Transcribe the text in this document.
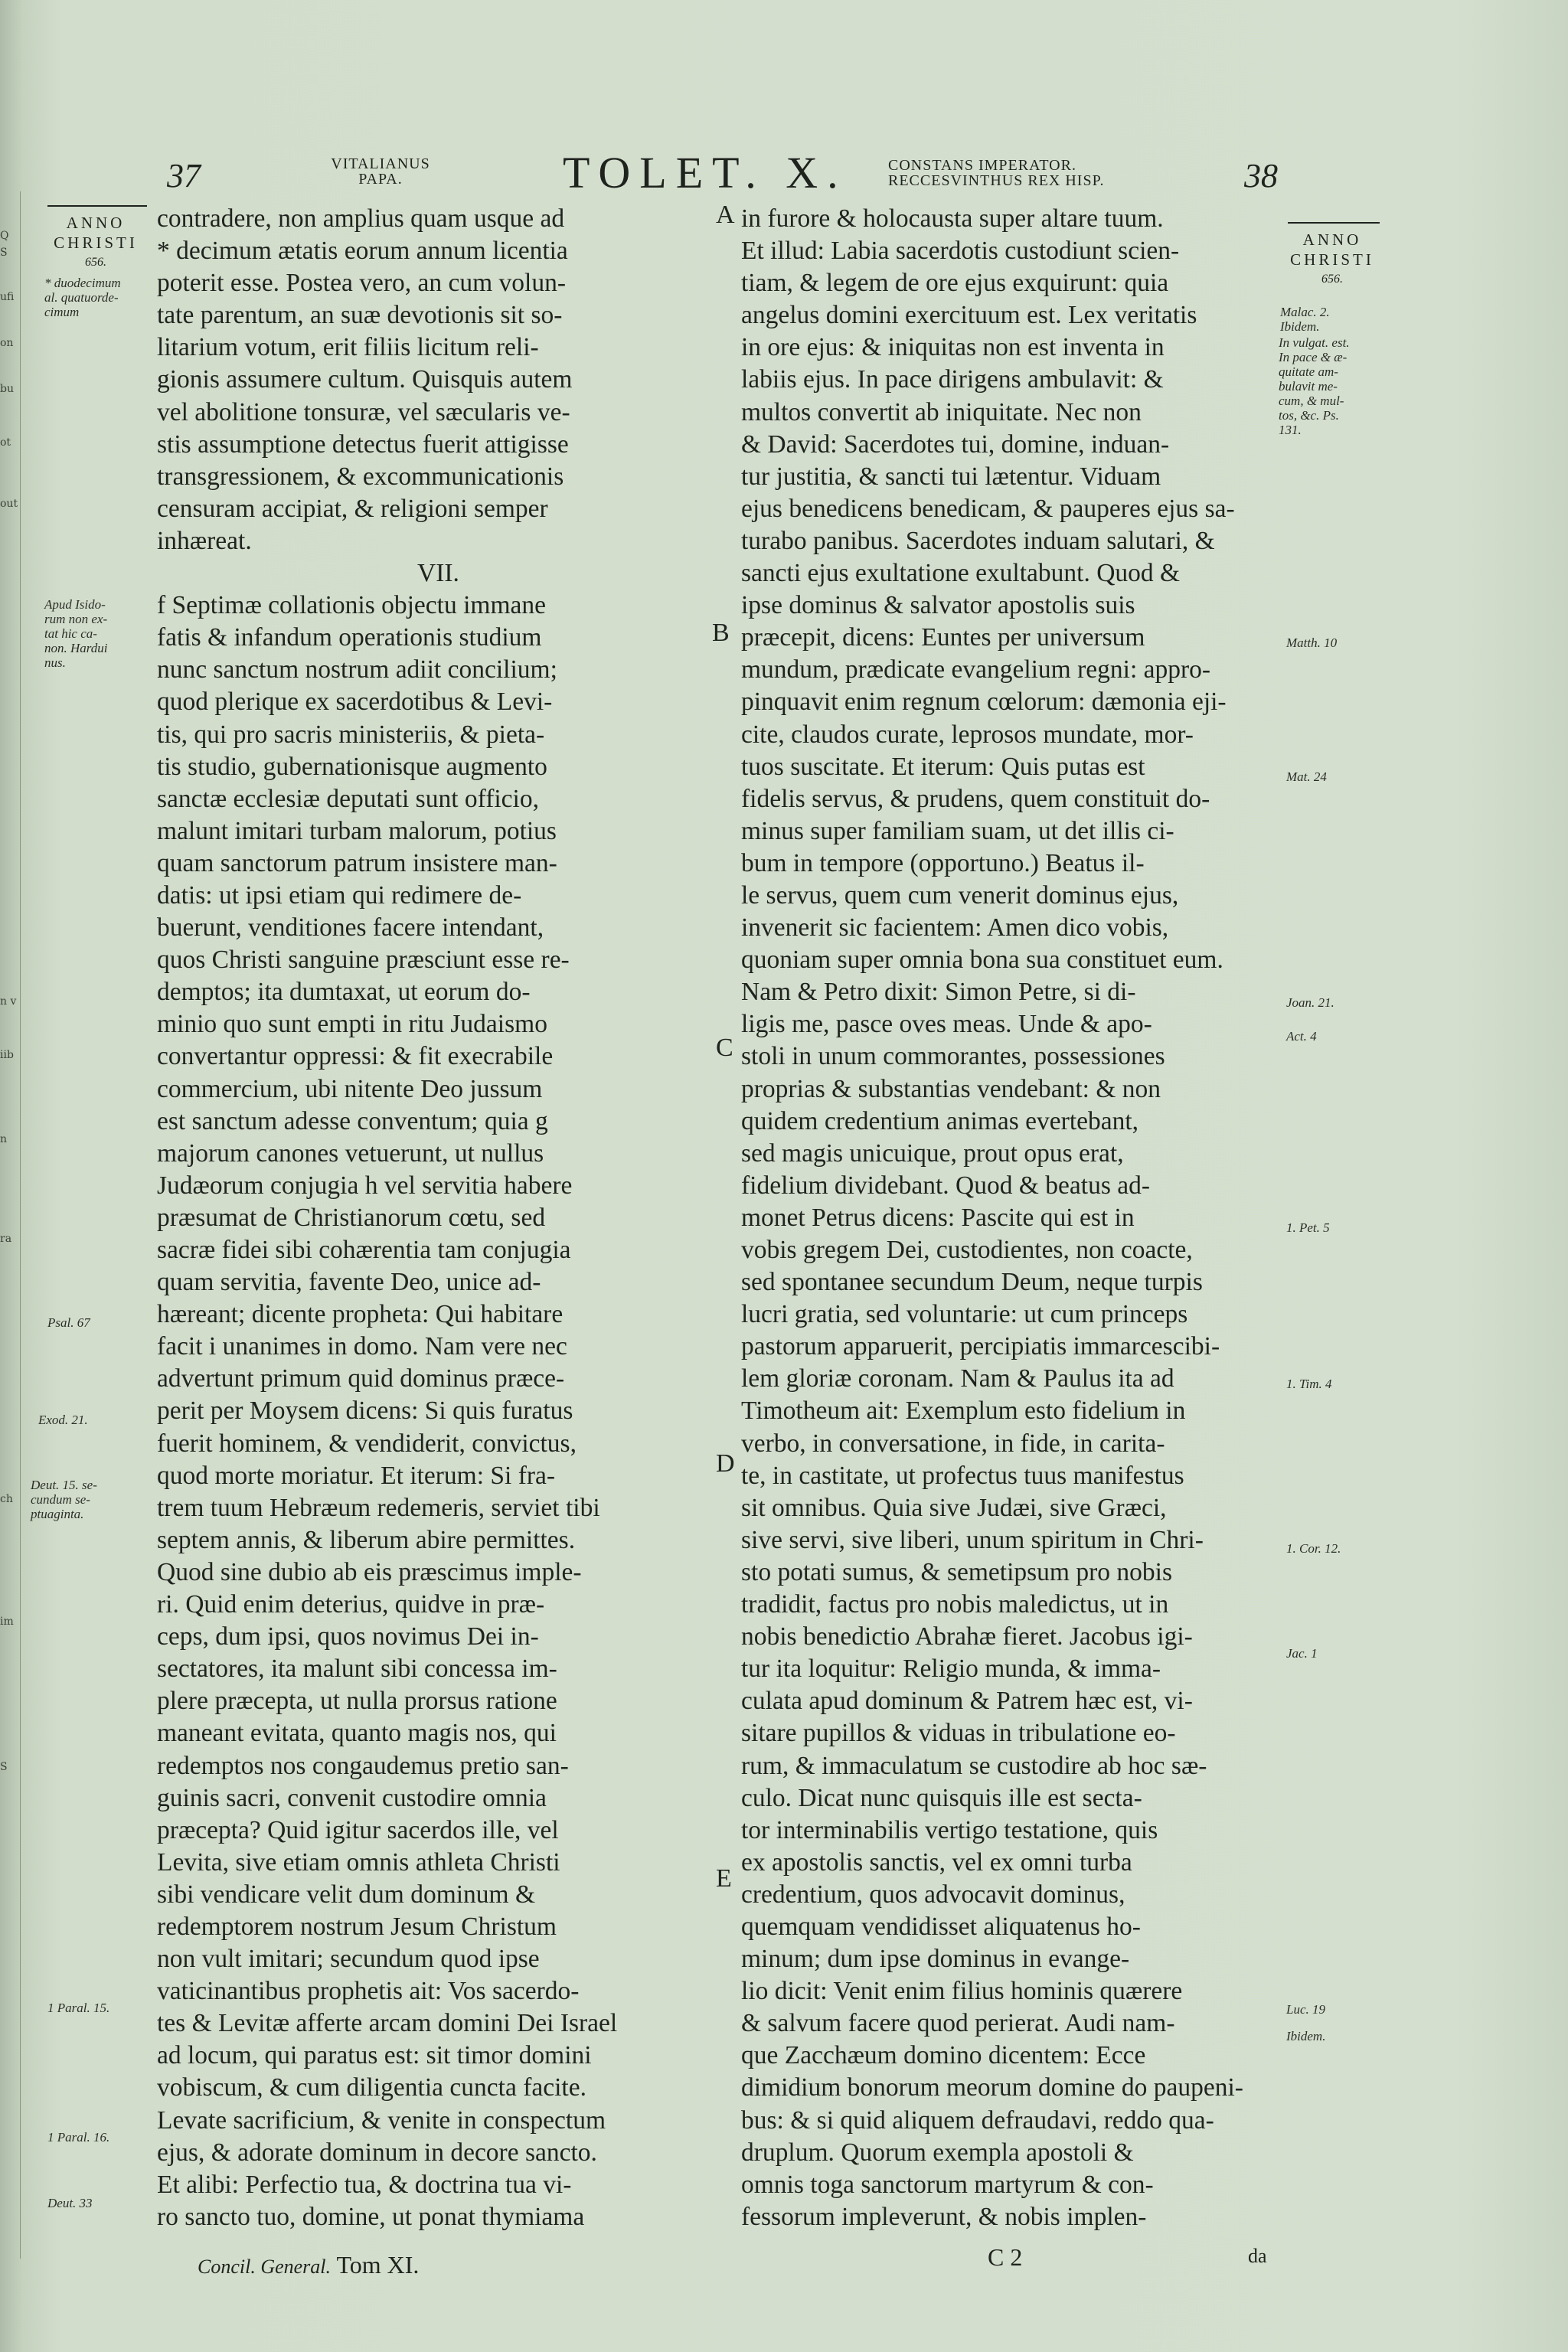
Q
S
ufi
on
bu
ot
out
n v
iib
n
ra
ch
im
S
37	VITALIANUS
PAPA.	TOLET. X.	CONSTANS IMPERATOR.
RECCESVINTHUS REX HISP.	38
ANNO
CHRISTI
656.
ANNO
CHRISTI
656.
contradere, non amplius quam usque ad
* decimum ætatis eorum annum licentia
poterit esse. Postea vero, an cum volun-
tate parentum, an suæ devotionis sit so-
litarium votum, erit filiis licitum reli-
gionis assumere cultum. Quisquis autem
vel abolitione tonsuræ, vel sæcularis ve-
stis assumptione detectus fuerit attigisse
transgressionem, & excommunicationis
censuram accipiat, & religioni semper
inhæreat.
VII.
f Septimæ collationis objectu immane
fatis & infandum operationis studium
nunc sanctum nostrum adiit concilium;
quod plerique ex sacerdotibus & Levi-
tis, qui pro sacris ministeriis, & pieta-
tis studio, gubernationisque augmento
sanctæ ecclesiæ deputati sunt officio,
malunt imitari turbam malorum, potius
quam sanctorum patrum insistere man-
datis: ut ipsi etiam qui redimere de-
buerunt, venditiones facere intendant,
quos Christi sanguine præsciunt esse re-
demptos; ita dumtaxat, ut eorum do-
minio quo sunt empti in ritu Judaismo
convertantur oppressi: & fit execrabile
commercium, ubi nitente Deo jussum
est sanctum adesse conventum; quia g
majorum canones vetuerunt, ut nullus
Judæorum conjugia h vel servitia habere
præsumat de Christianorum cœtu, sed
sacræ fidei sibi cohærentia tam conjugia
quam servitia, favente Deo, unice ad-
hæreant; dicente propheta: Qui habitare
facit i unanimes in domo. Nam vere nec
advertunt primum quid dominus præce-
perit per Moysem dicens: Si quis furatus
fuerit hominem, & vendiderit, convictus,
quod morte moriatur. Et iterum: Si fra-
trem tuum Hebræum redemeris, serviet tibi
septem annis, & liberum abire permittes.
Quod sine dubio ab eis præscimus imple-
ri. Quid enim deterius, quidve in præ-
ceps, dum ipsi, quos novimus Dei in-
sectatores, ita malunt sibi concessa im-
plere præcepta, ut nulla prorsus ratione
maneant evitata, quanto magis nos, qui
redemptos nos congaudemus pretio san-
guinis sacri, convenit custodire omnia
præcepta? Quid igitur sacerdos ille, vel
Levita, sive etiam omnis athleta Christi
sibi vendicare velit dum dominum &
redemptorem nostrum Jesum Christum
non vult imitari; secundum quod ipse
vaticinantibus prophetis ait: Vos sacerdo-
tes & Levitæ afferte arcam domini Dei Israel
ad locum, qui paratus est: sit timor domini
vobiscum, & cum diligentia cuncta facite.
Levate sacrificium, & venite in conspectum
ejus, & adorate dominum in decore sancto.
Et alibi: Perfectio tua, & doctrina tua vi-
ro sancto tuo, domine, ut ponat thymiama
in furore & holocausta super altare tuum.
Et illud: Labia sacerdotis custodiunt scien-
tiam, & legem de ore ejus exquirunt: quia
angelus domini exercituum est. Lex veritatis
in ore ejus: & iniquitas non est inventa in
labiis ejus. In pace dirigens ambulavit: &
multos convertit ab iniquitate. Nec non
& David: Sacerdotes tui, domine, induan-
tur justitia, & sancti tui lætentur. Viduam
ejus benedicens benedicam, & pauperes ejus sa-
turabo panibus. Sacerdotes induam salutari, &
sancti ejus exultatione exultabunt. Quod &
ipse dominus & salvator apostolis suis
præcepit, dicens: Euntes per universum
mundum, prædicate evangelium regni: appro-
pinquavit enim regnum cœlorum: dæmonia eji-
cite, claudos curate, leprosos mundate, mor-
tuos suscitate. Et iterum: Quis putas est
fidelis servus, & prudens, quem constituit do-
minus super familiam suam, ut det illis ci-
bum in tempore (opportuno.) Beatus il-
le servus, quem cum venerit dominus ejus,
invenerit sic facientem: Amen dico vobis,
quoniam super omnia bona sua constituet eum.
Nam & Petro dixit: Simon Petre, si di-
ligis me, pasce oves meas. Unde & apo-
stoli in unum commorantes, possessiones
proprias & substantias vendebant: & non
quidem credentium animas evertebant,
sed magis unicuique, prout opus erat,
fidelium dividebant. Quod & beatus ad-
monet Petrus dicens: Pascite qui est in
vobis gregem Dei, custodientes, non coacte,
sed spontanee secundum Deum, neque turpis
lucri gratia, sed voluntarie: ut cum princeps
pastorum apparuerit, percipiatis immarcescibi-
lem gloriæ coronam. Nam & Paulus ita ad
Timotheum ait: Exemplum esto fidelium in
verbo, in conversatione, in fide, in carita-
te, in castitate, ut profectus tuus manifestus
sit omnibus. Quia sive Judæi, sive Græci,
sive servi, sive liberi, unum spiritum in Chri-
sto potati sumus, & semetipsum pro nobis
tradidit, factus pro nobis maledictus, ut in
nobis benedictio Abrahæ fieret. Jacobus igi-
tur ita loquitur: Religio munda, & imma-
culata apud dominum & Patrem hæc est, vi-
sitare pupillos & viduas in tribulatione eo-
rum, & immaculatum se custodire ab hoc sæ-
culo. Dicat nunc quisquis ille est secta-
tor interminabilis vertigo testatione, quis
ex apostolis sanctis, vel ex omni turba
credentium, quos advocavit dominus,
quemquam vendidisset aliquatenus ho-
minum; dum ipse dominus in evange-
lio dicit: Venit enim filius hominis quærere
& salvum facere quod perierat. Audi nam-
que Zacchæum domino dicentem: Ecce
dimidium bonorum meorum domine do paupeni-
bus: & si quid aliquem defraudavi, reddo qua-
druplum. Quorum exempla apostoli &
omnis toga sanctorum martyrum & con-
fessorum impleverunt, & nobis implen-
A
B
C
D
E
* duodecimum
al. quatuorde-
cimum
Apud Isido-
rum non ex-
tat hic ca-
non. Hardui
nus.
Psal. 67
Exod. 21.
Deut. 15. se-
cundum se-
ptuaginta.
1 Paral. 15.
1 Paral. 16.
Deut. 33
Malac. 2.
Ibidem.
In vulgat. est.
In pace & æ-
quitate am-
bulavit me-
cum, & mul-
tos, &c. Ps.
131.
Matth. 10
Mat. 24
Joan. 21.
Act. 4
1. Pet. 5
1. Tim. 4
1. Cor. 12.
Jac. 1
Luc. 19
Ibidem.
Concil. General. Tom XI.	C 2	da
